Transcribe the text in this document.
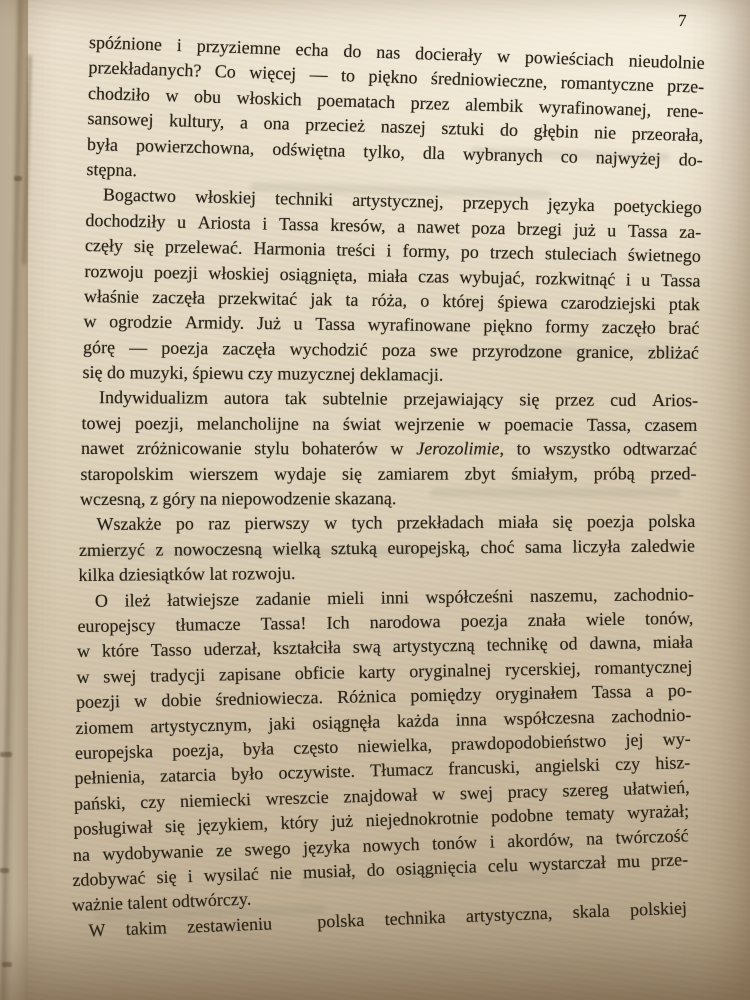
7
spóźnione i przyziemne echa do nas docierały w powieściach nieudolnie
przekładanych? Co więcej — to piękno średniowieczne, romantyczne prze-
chodziło w obu włoskich poematach przez alembik wyrafinowanej, rene-
sansowej kultury, a ona przecież naszej sztuki do głębin nie przeorała,
była powierzchowna, odświętna tylko, dla wybranych co najwyżej do-
stępna.
Bogactwo włoskiej techniki artystycznej, przepych języka poetyckiego
dochodziły u Ariosta i Tassa kresów, a nawet poza brzegi już u Tassa za-
częły się przelewać. Harmonia treści i formy, po trzech stuleciach świetnego
rozwoju poezji włoskiej osiągnięta, miała czas wybujać, rozkwitnąć i u Tassa
właśnie zaczęła przekwitać jak ta róża, o której śpiewa czarodziejski ptak
w ogrodzie Armidy. Już u Tassa wyrafinowane piękno formy zaczęło brać
górę — poezja zaczęła wychodzić poza swe przyrodzone granice, zbliżać
się do muzyki, śpiewu czy muzycznej deklamacji.
Indywidualizm autora tak subtelnie przejawiający się przez cud Arios-
towej poezji, melancholijne na świat wejrzenie w poemacie Tassa, czasem
nawet zróżnicowanie stylu bohaterów w Jerozolimie, to wszystko odtwarzać
staropolskim wierszem wydaje się zamiarem zbyt śmiałym, próbą przed-
wczesną, z góry na niepowodzenie skazaną.
Wszakże po raz pierwszy w tych przekładach miała się poezja polska
zmierzyć z nowoczesną wielką sztuką europejską, choć sama liczyła zaledwie
kilka dziesiątków lat rozwoju.
O ileż łatwiejsze zadanie mieli inni współcześni naszemu, zachodnio-
europejscy tłumacze Tassa! Ich narodowa poezja znała wiele tonów,
w które Tasso uderzał, kształciła swą artystyczną technikę od dawna, miała
w swej tradycji zapisane obficie karty oryginalnej rycerskiej, romantycznej
poezji w dobie średniowiecza. Różnica pomiędzy oryginałem Tassa a po-
ziomem artystycznym, jaki osiągnęła każda inna współczesna zachodnio-
europejska poezja, była często niewielka, prawdopodobieństwo jej wy-
pełnienia, zatarcia było oczywiste. Tłumacz francuski, angielski czy hisz-
pański, czy niemiecki wreszcie znajdował w swej pracy szereg ułatwień,
posługiwał się językiem, który już niejednokrotnie podobne tematy wyrażał;
na wydobywanie ze swego języka nowych tonów i akordów, na twórczość
zdobywać się i wysilać nie musiał, do osiągnięcia celu wystarczał mu prze-
ważnie talent odtwórczy.
W takim zestawieniu
polska technika artystyczna, skala polskiej
